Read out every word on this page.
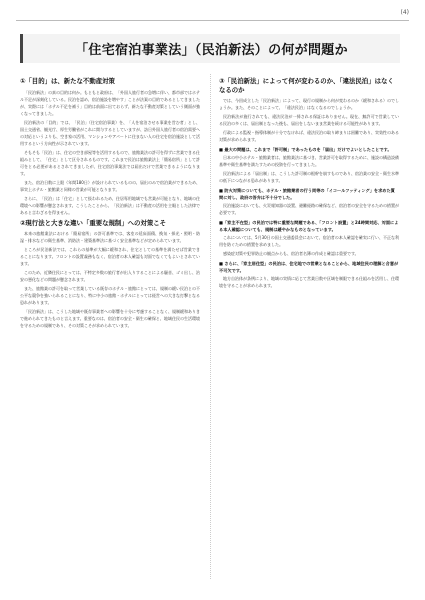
(4)
「住宅宿泊事業法」（民泊新法）の何が問題か
①「目的」は、新たな不動産対策

「民泊新法」の真の目的は何か。もともと政府は、「外国人旅行者の急増に伴い、都市部ではホテル不足が深刻化している。民泊を認め、宿泊施設を増やす」ことが法案の目的であるとしてきましたが、実際には「ホテル不足を補う」目的は前面に出ておらず、新たな不動産対策としていう側面が強くなってきました。

民泊新法の「目的」では、「民泊」（住宅宿泊事業）を、「人を宿泊させる事業を営む者」とし、国土交通省、観光庁、厚生労働省がこれに関与するとしていますが、訪日外国人旅行者の宿泊需要への対応というよりも、空き家の活用、マンションやアパートに住まない人の住宅を宿泊施設として活用するという方向性が示されています。

そもそも「民泊」は、住宅の空き部屋等を活用するもので、旅館業法の許可を得ずに営業できる仕組みとして、「住宅」として区分されるものです。これまで民泊は旅館業法上「簡易宿所」として許可をとる必要があるとされてきましたが、住宅宿泊事業法では届出だけで営業できるようになります。

また、宿泊日数に上限（年間180日）が設けられているものの、届出のみで宿泊業ができるため、事実上ホテル・旅館業と同様の営業が可能となります。

さらに、「民泊」は「住宅」として扱われるため、住居専用地域でも営業が可能となり、地域の住環境への影響が懸念されます。こうしたことから、「民泊新法」は不動産の活用を主眼とした法律であると言わざるを得ません。

②現行法と大きな違い「重要な規制」への対策こそ

本来の旅館業法における「簡易宿所」の許可基準では、客室の延床面積、換気・採光・照明・防湿・排水などの衛生基準、消防法・建築基準法に基づく安全基準などが定められています。

ところが民泊新法では、これらの基準が大幅に緩和され、住宅としての基準を満たせば営業できることになります。フロントの設置義務もなく、宿泊者の本人確認も対面でなくてもよいとされています。

このため、近隣住民にとっては、不特定多数の旅行者が出入りすることによる騒音、ゴミ出し、治安の悪化などの問題が懸念されます。

また、旅館業の許可を取って営業している既存のホテル・旅館にとっては、規制の緩い民泊との不公平な競争を強いられることになり、特に中小の旅館・ホテルにとっては経営への大きな打撃となる恐れがあります。

「民泊新法」は、こうした地域や既存事業者への影響を十分に考慮することなく、規制緩和ありきで進められてきたものと言えます。重要なのは、宿泊者の安全・衛生の確保と、地域住民の生活環境を守るための規制であり、その対策こそが求められています。

③「民泊新法」によって何が変わるのか、「違法民泊」はなくなるのか

では、今回成立した「民泊新法」によって、現行の規制から何が変わるのか（緩和される）のでしょうか。また、そのことによって、「違法民泊」はなくなるのでしょうか。

民泊新法が施行されても、違法民泊が一掃される保証はありません。現在、無許可で営業している民泊の多くは、届出制となった後も、届出をしないまま営業を続ける可能性があります。

行政による監視・指導体制が十分でなければ、違法民泊の取り締まりは困難であり、実効性のある対策が求められます。

■ 最大の問題は、これまで「許可制」であったものを「届出」だけでよいとしたことです。

日本の中小ホテル・旅館業者は、旅館業法に基づき、営業許可を取得するために、施設の構造設備基準や衛生基準を満たすための投資を行ってきました。

民泊新法による「届出制」は、こうした許可制の根幹を崩すものであり、宿泊業の安全・衛生水準の低下につながる恐れがあります。

■ 防火対策についても、ホテル・旅館業者の行う同等の「イコールフッティング」を求めた質問に対し、政府の答弁は不十分でした。

民泊施設においても、火災報知器の設置、避難経路の確保など、宿泊者の安全を守るための措置が必要です。

■「家主不在型」の民泊では特に重要な問題である、「フロント設置」と24時間対応、対面による本人確認についても、規制は緩やかなものとなっています。

これについては、5月30日の国土交通委員会において、宿泊者の本人確認を確実に行い、不正な利用を防ぐための措置を求めました。

感染症対策や犯罪防止の観点からも、宿泊者名簿の作成と確認は重要です。

■ さらに、「家主居住型」の民泊は、住宅地での営業となることから、地域住民の理解と合意が不可欠です。

地方自治体が条例により、地域の実情に応じて営業日数や区域を制限できる仕組みを活用し、住環境を守ることが求められます。
